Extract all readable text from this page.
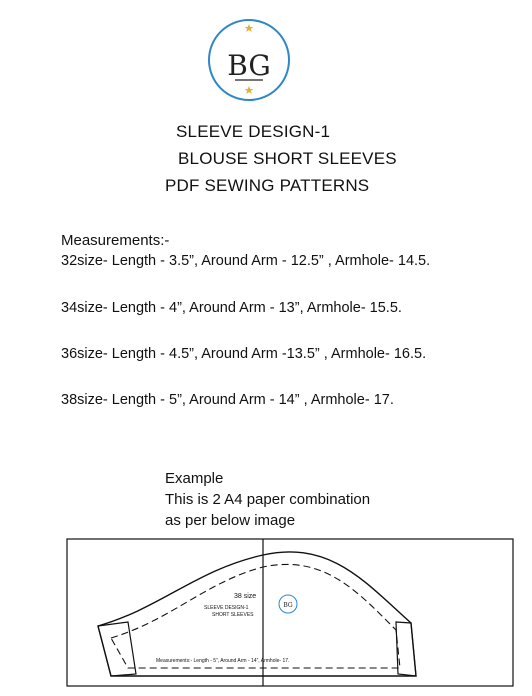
BG
SLEEVE DESIGN-1
BLOUSE SHORT SLEEVES
PDF SEWING PATTERNS
Measurements:-
32size- Length - 3.5”, Around Arm - 12.5” , Armhole- 14.5.
34size- Length - 4”, Around Arm - 13”, Armhole- 15.5.
36size- Length - 4.5”, Around Arm -13.5” , Armhole- 16.5.
38size- Length - 5”, Around Arm - 14” , Armhole- 17.
Example
This is 2 A4 paper combination
as per below image
38 size
SLEEVE DESIGN-1
SHORT SLEEVES
BG
Measurements:- Length - 5”, Around Arm - 14”, Armhole- 17.
